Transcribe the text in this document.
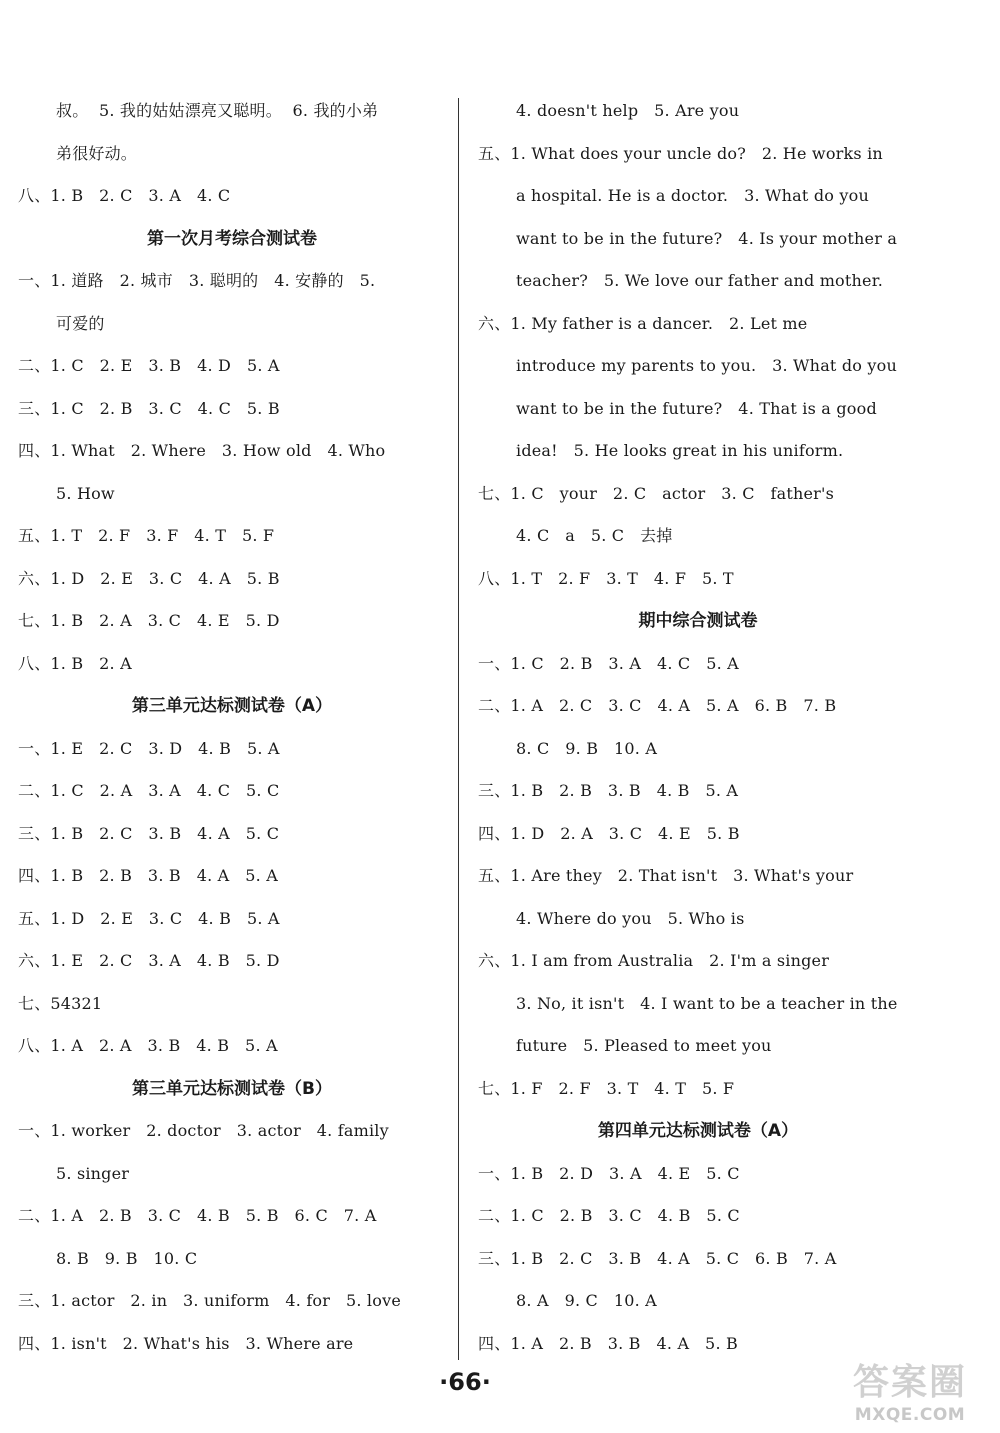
叔。  5. 我的姑姑漂亮又聪明。  6. 我的小弟
弟很好动。
八、1. B   2. C   3. A   4. C
第一次月考综合测试卷
一、1. 道路   2. 城市   3. 聪明的   4. 安静的   5.
可爱的
二、1. C   2. E   3. B   4. D   5. A
三、1. C   2. B   3. C   4. C   5. B
四、1. What   2. Where   3. How old   4. Who
5. How
五、1. T   2. F   3. F   4. T   5. F
六、1. D   2. E   3. C   4. A   5. B
七、1. B   2. A   3. C   4. E   5. D
八、1. B   2. A
第三单元达标测试卷（A）
一、1. E   2. C   3. D   4. B   5. A
二、1. C   2. A   3. A   4. C   5. C
三、1. B   2. C   3. B   4. A   5. C
四、1. B   2. B   3. B   4. A   5. A
五、1. D   2. E   3. C   4. B   5. A
六、1. E   2. C   3. A   4. B   5. D
七、54321
八、1. A   2. A   3. B   4. B   5. A
第三单元达标测试卷（B）
一、1. worker   2. doctor   3. actor   4. family
5. singer
二、1. A   2. B   3. C   4. B   5. B   6. C   7. A
8. B   9. B   10. C
三、1. actor   2. in   3. uniform   4. for   5. love
四、1. isn't   2. What's his   3. Where are
4. doesn't help   5. Are you
五、1. What does your uncle do?   2. He works in
a hospital. He is a doctor.   3. What do you
want to be in the future?   4. Is your mother a
teacher?   5. We love our father and mother.
六、1. My father is a dancer.   2. Let me
introduce my parents to you.   3. What do you
want to be in the future?   4. That is a good
idea!   5. He looks great in his uniform.
七、1. C   your   2. C   actor   3. C   father's
4. C   a   5. C   去掉
八、1. T   2. F   3. T   4. F   5. T
期中综合测试卷
一、1. C   2. B   3. A   4. C   5. A
二、1. A   2. C   3. C   4. A   5. A   6. B   7. B
8. C   9. B   10. A
三、1. B   2. B   3. B   4. B   5. A
四、1. D   2. A   3. C   4. E   5. B
五、1. Are they   2. That isn't   3. What's your
4. Where do you   5. Who is
六、1. I am from Australia   2. I'm a singer
3. No, it isn't   4. I want to be a teacher in the
future   5. Pleased to meet you
七、1. F   2. F   3. T   4. T   5. F
第四单元达标测试卷（A）
一、1. B   2. D   3. A   4. E   5. C
二、1. C   2. B   3. C   4. B   5. C
三、1. B   2. C   3. B   4. A   5. C   6. B   7. A
8. A   9. C   10. A
四、1. A   2. B   3. B   4. A   5. B
·66·	答案圈
MXQE.COM
